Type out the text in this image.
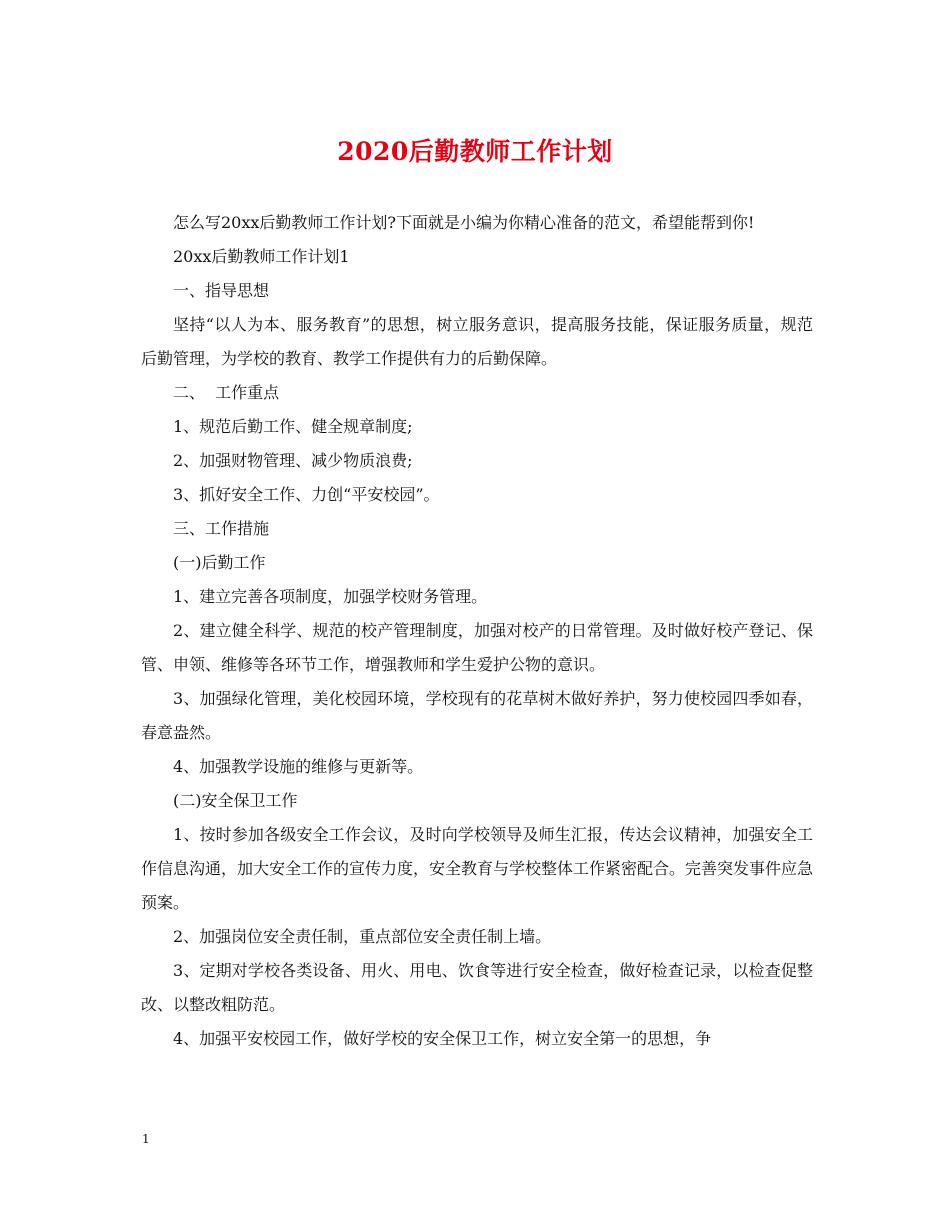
2020后勤教师工作计划

怎么写20xx后勤教师工作计划?下面就是小编为你精心准备的范文，希望能帮到你!

20xx后勤教师工作计划1

一、指导思想

坚持“以人为本、服务教育”的思想，树立服务意识，提高服务技能，保证服务质量，规范后勤管理，为学校的教育、教学工作提供有力的后勤保障。

二、  工作重点

1、规范后勤工作、健全规章制度;

2、加强财物管理、减少物质浪费;

3、抓好安全工作、力创“平安校园”。

三、工作措施

(一)后勤工作

1、建立完善各项制度，加强学校财务管理。

2、建立健全科学、规范的校产管理制度，加强对校产的日常管理。及时做好校产登记、保管、申领、维修等各环节工作，增强教师和学生爱护公物的意识。

3、加强绿化管理，美化校园环境，学校现有的花草树木做好养护，努力使校园四季如春，春意盎然。

4、加强教学设施的维修与更新等。

(二)安全保卫工作

1、按时参加各级安全工作会议，及时向学校领导及师生汇报，传达会议精神，加强安全工作信息沟通，加大安全工作的宣传力度，安全教育与学校整体工作紧密配合。完善突发事件应急预案。

2、加强岗位安全责任制，重点部位安全责任制上墙。

3、定期对学校各类设备、用火、用电、饮食等进行安全检查，做好检查记录，以检查促整改、以整改粗防范。

4、加强平安校园工作，做好学校的安全保卫工作，树立安全第一的思想，争

1
